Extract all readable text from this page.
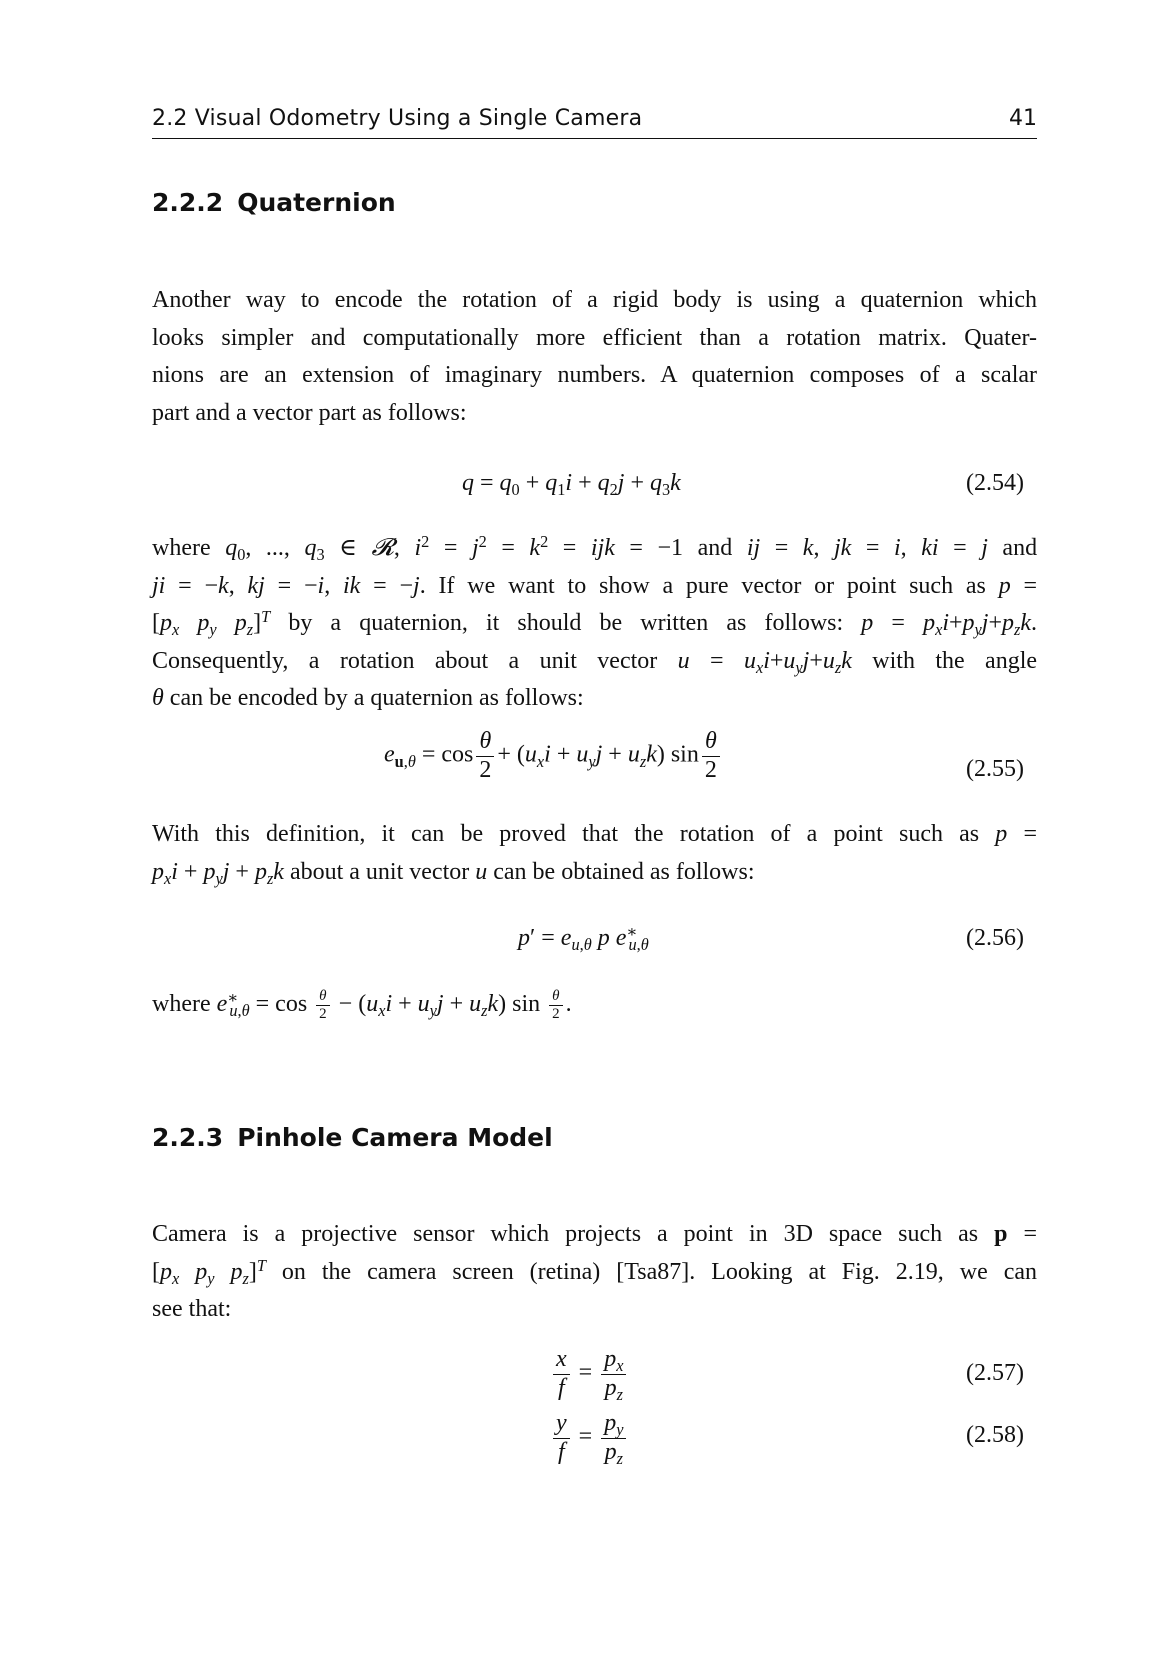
2.2 Visual Odometry Using a Single Camera	41
2.2.2 Quaternion
Another way to encode the rotation of a rigid body is using a quaternion which
looks simpler and computationally more efficient than a rotation matrix. Quater-
nions are an extension of imaginary numbers. A quaternion composes of a scalar
part and a vector part as follows:
$q = q_0 + q_1i + q_2j + q_3k$	(2.54)
where $q_0$, ..., $q_3$ ∈ 𝓡, $i^2 = j^2 = k^2$ = ijk = −1 and ij = k, jk = i, ki = j and
ji = −k, kj = −i, ik = −j. If we want to show a pure vector or point such as p =
[$p_x$ $p_y$ $p_z]^T$ by a quaternion, it should be written as follows: $p = p_xi+p_yj+p_zk$.
Consequently, a rotation about a unit vector $u = u_xi+u_yj+u_zk$ with the angle
θ can be encoded by a quaternion as follows:
$e_{u,\theta} = \cos \frac{\theta}{2} + (u_xi + u_yj + u_zk)$ $\sin \frac{\theta}{2}$	(2.55)
With this definition, it can be proved that the rotation of a point such as p =
$p_xi + p_yj + p_zk$ about a unit vector u can be obtained as follows:
$p' = e_{u,\theta}$ p $e^∗_{u,\theta}$	(2.56)
where $e^∗_{u,\theta} = \cos \frac{\theta}{2} - (u_xi + u_yj + u_zk)$ $\sin \frac{\theta}{2}$ .
2.2.3 Pinhole Camera Model
Camera is a projective sensor which projects a point in 3D space such as p =
[$p_x$ $p_y$ $p_z]^T$ on the camera screen (retina) [Tsa87]. Looking at Fig. 2.19, we can
see that:
$\frac{x}{f} = \frac{p_x}{p_z}$	(2.57)
$\frac{y}{f} = \frac{p_y}{p_z}$	(2.58)
